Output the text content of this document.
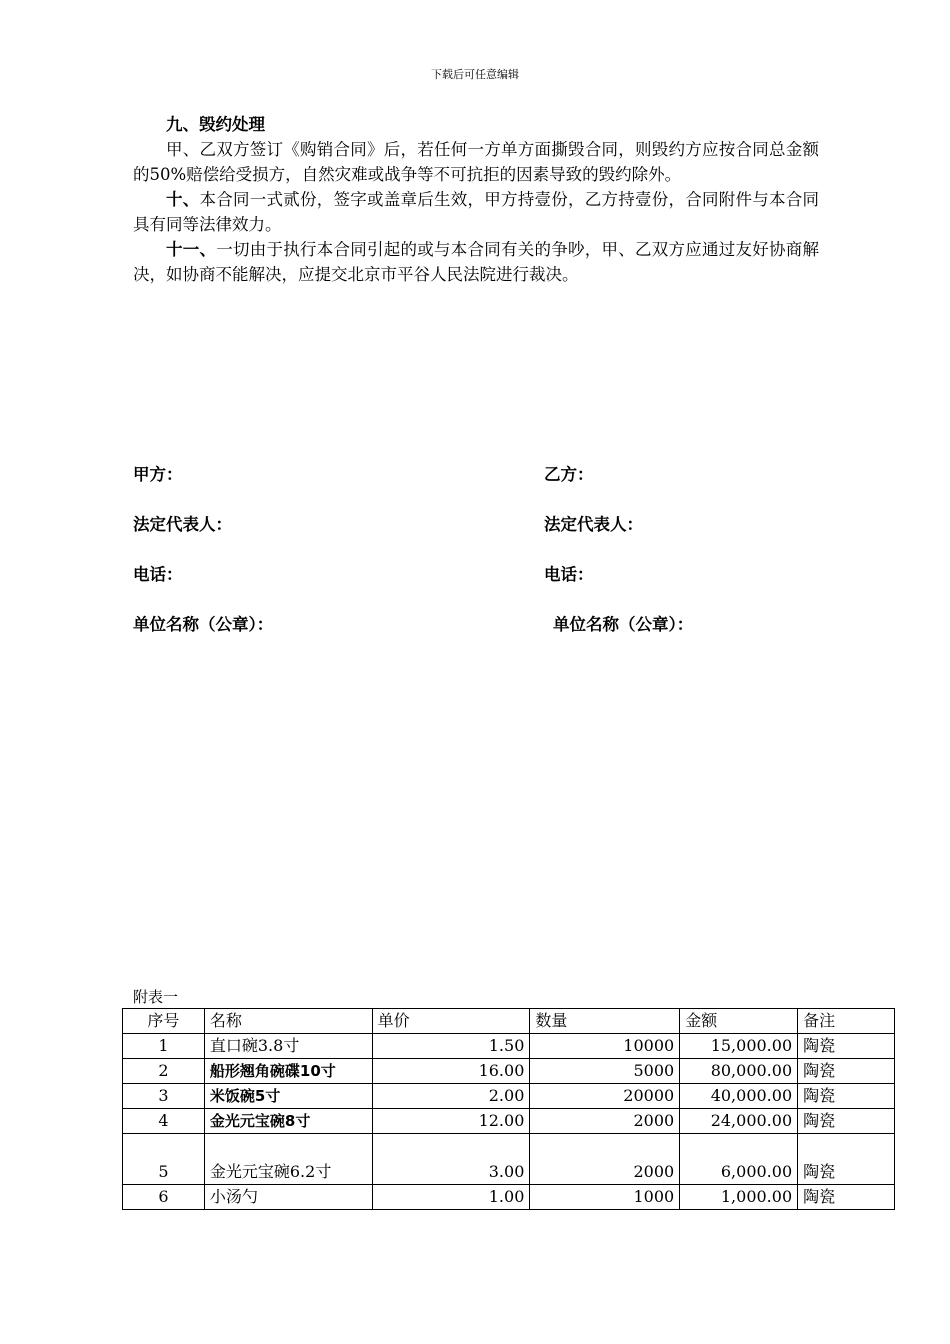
下载后可任意编辑

九、毁约处理

甲、乙双方签订《购销合同》后，若任何一方单方面撕毁合同，则毁约方应按合同总金额的50%赔偿给受损方，自然灾难或战争等不可抗拒的因素导致的毁约除外。

十、本合同一式贰份，签字或盖章后生效，甲方持壹份，乙方持壹份，合同附件与本合同具有同等法律效力。

十一、一切由于执行本合同引起的或与本合同有关的争吵，甲、乙双方应通过友好协商解决，如协商不能解决，应提交北京市平谷人民法院进行裁决。

甲方：	乙方：
法定代表人：	法定代表人：
电话：	电话：
单位名称（公章）：	单位名称（公章）：
附表一
序号	名称	单价	数量	金额	备注
1	直口碗3.8寸	1.50	10000	15,000.00	陶瓷
2	船形翘角碗碟10寸	16.00	5000	80,000.00	陶瓷
3	米饭碗5寸	2.00	20000	40,000.00	陶瓷
4	金光元宝碗8寸	12.00	2000	24,000.00	陶瓷
5	金光元宝碗6.2寸	3.00	2000	6,000.00	陶瓷
6	小汤勺	1.00	1000	1,000.00	陶瓷
